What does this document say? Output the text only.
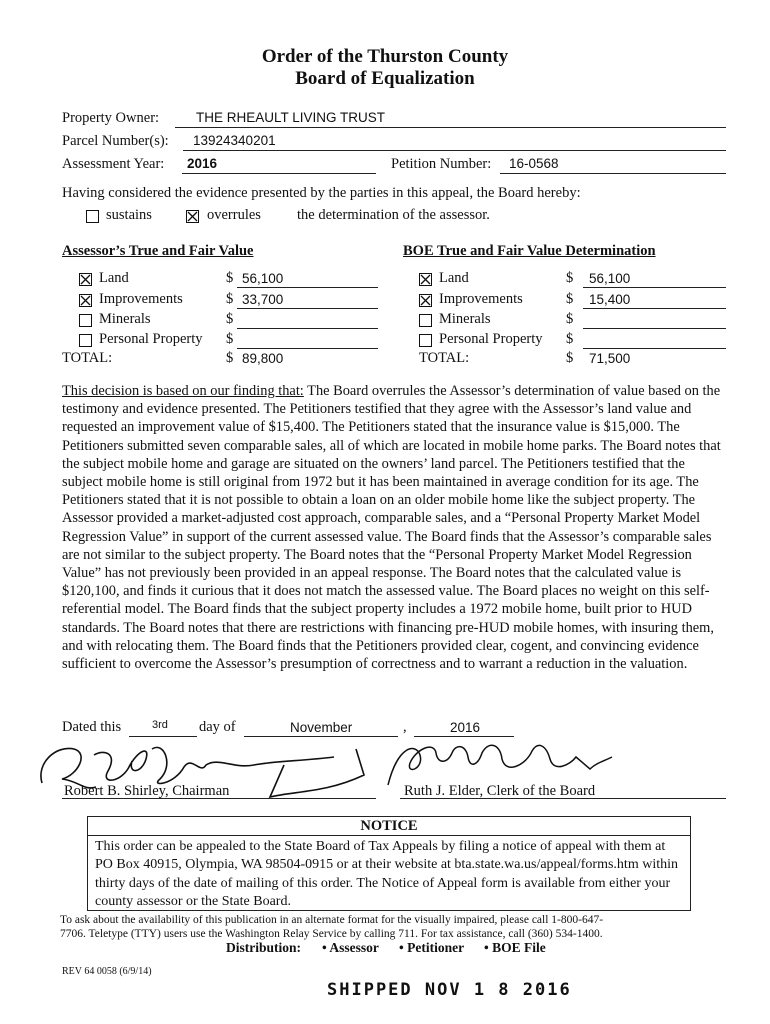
Order of the Thurston County
Board of Equalization
Property Owner:	THE RHEAULT LIVING TRUST
Parcel Number(s): 13924340201
Assessment Year: 2016	Petition Number: 16-0568
Having considered the evidence presented by the parties in this appeal, the Board hereby:
sustains	overrules the determination of the assessor.
Assessor’s True and Fair Value	BOE True and Fair Value Determination
Land	$ 56,100
Improvements	$ 33,700
Minerals	$
Personal Property $
TOTAL:	$ 89,800
Land	$ 56,100
Improvements	$ 15,400
Minerals	$
Personal Property $
TOTAL:	$ 71,500
This decision is based on our finding that: The Board overrules the Assessor’s determination of value based on the testimony and evidence presented. The Petitioners testified that they agree with the Assessor’s land value and requested an improvement value of $15,400. The Petitioners stated that the insurance value is $15,000. The Petitioners submitted seven comparable sales, all of which are located in mobile home parks. The Board notes that the subject mobile home and garage are situated on the owners’ land parcel. The Petitioners testified that the subject mobile home is still original from 1972 but it has been maintained in average condition for its age. The Petitioners stated that it is not possible to obtain a loan on an older mobile home like the subject property. The Assessor provided a market-adjusted cost approach, comparable sales, and a “Personal Property Market Model Regression Value” in support of the current assessed value. The Board finds that the Assessor’s comparable sales are not similar to the subject property. The Board notes that the “Personal Property Market Model Regression Value” has not previously been provided in an appeal response. The Board notes that the calculated value is $120,100, and finds it curious that it does not match the assessed value. The Board places no weight on this self-referential model. The Board finds that the subject property includes a 1972 mobile home, built prior to HUD standards. The Board notes that there are restrictions with financing pre-HUD mobile homes, with insuring them, and with relocating them. The Board finds that the Petitioners provided clear, cogent, and convincing evidence sufficient to overcome the Assessor’s presumption of correctness and to warrant a reduction in the valuation.
Dated this	3rd day of	November	,	2016
Robert B. Shirley, Chairman	Ruth J. Elder, Clerk of the Board
NOTICE
This order can be appealed to the State Board of Tax Appeals by filing a notice of appeal with them at PO Box 40915, Olympia, WA 98504-0915 or at their website at bta.state.wa.us/appeal/forms.htm within thirty days of the date of mailing of this order. The Notice of Appeal form is available from either your county assessor or the State Board.
To ask about the availability of this publication in an alternate format for the visually impaired, please call 1-800-647-
7706. Teletype (TTY) users use the Washington Relay Service by calling 711. For tax assistance, call (360) 534-1400.
Distribution: • Assessor • Petitioner • BOE File
REV 64 0058 (6/9/14)
SHIPPED NOV 1 8 2016
